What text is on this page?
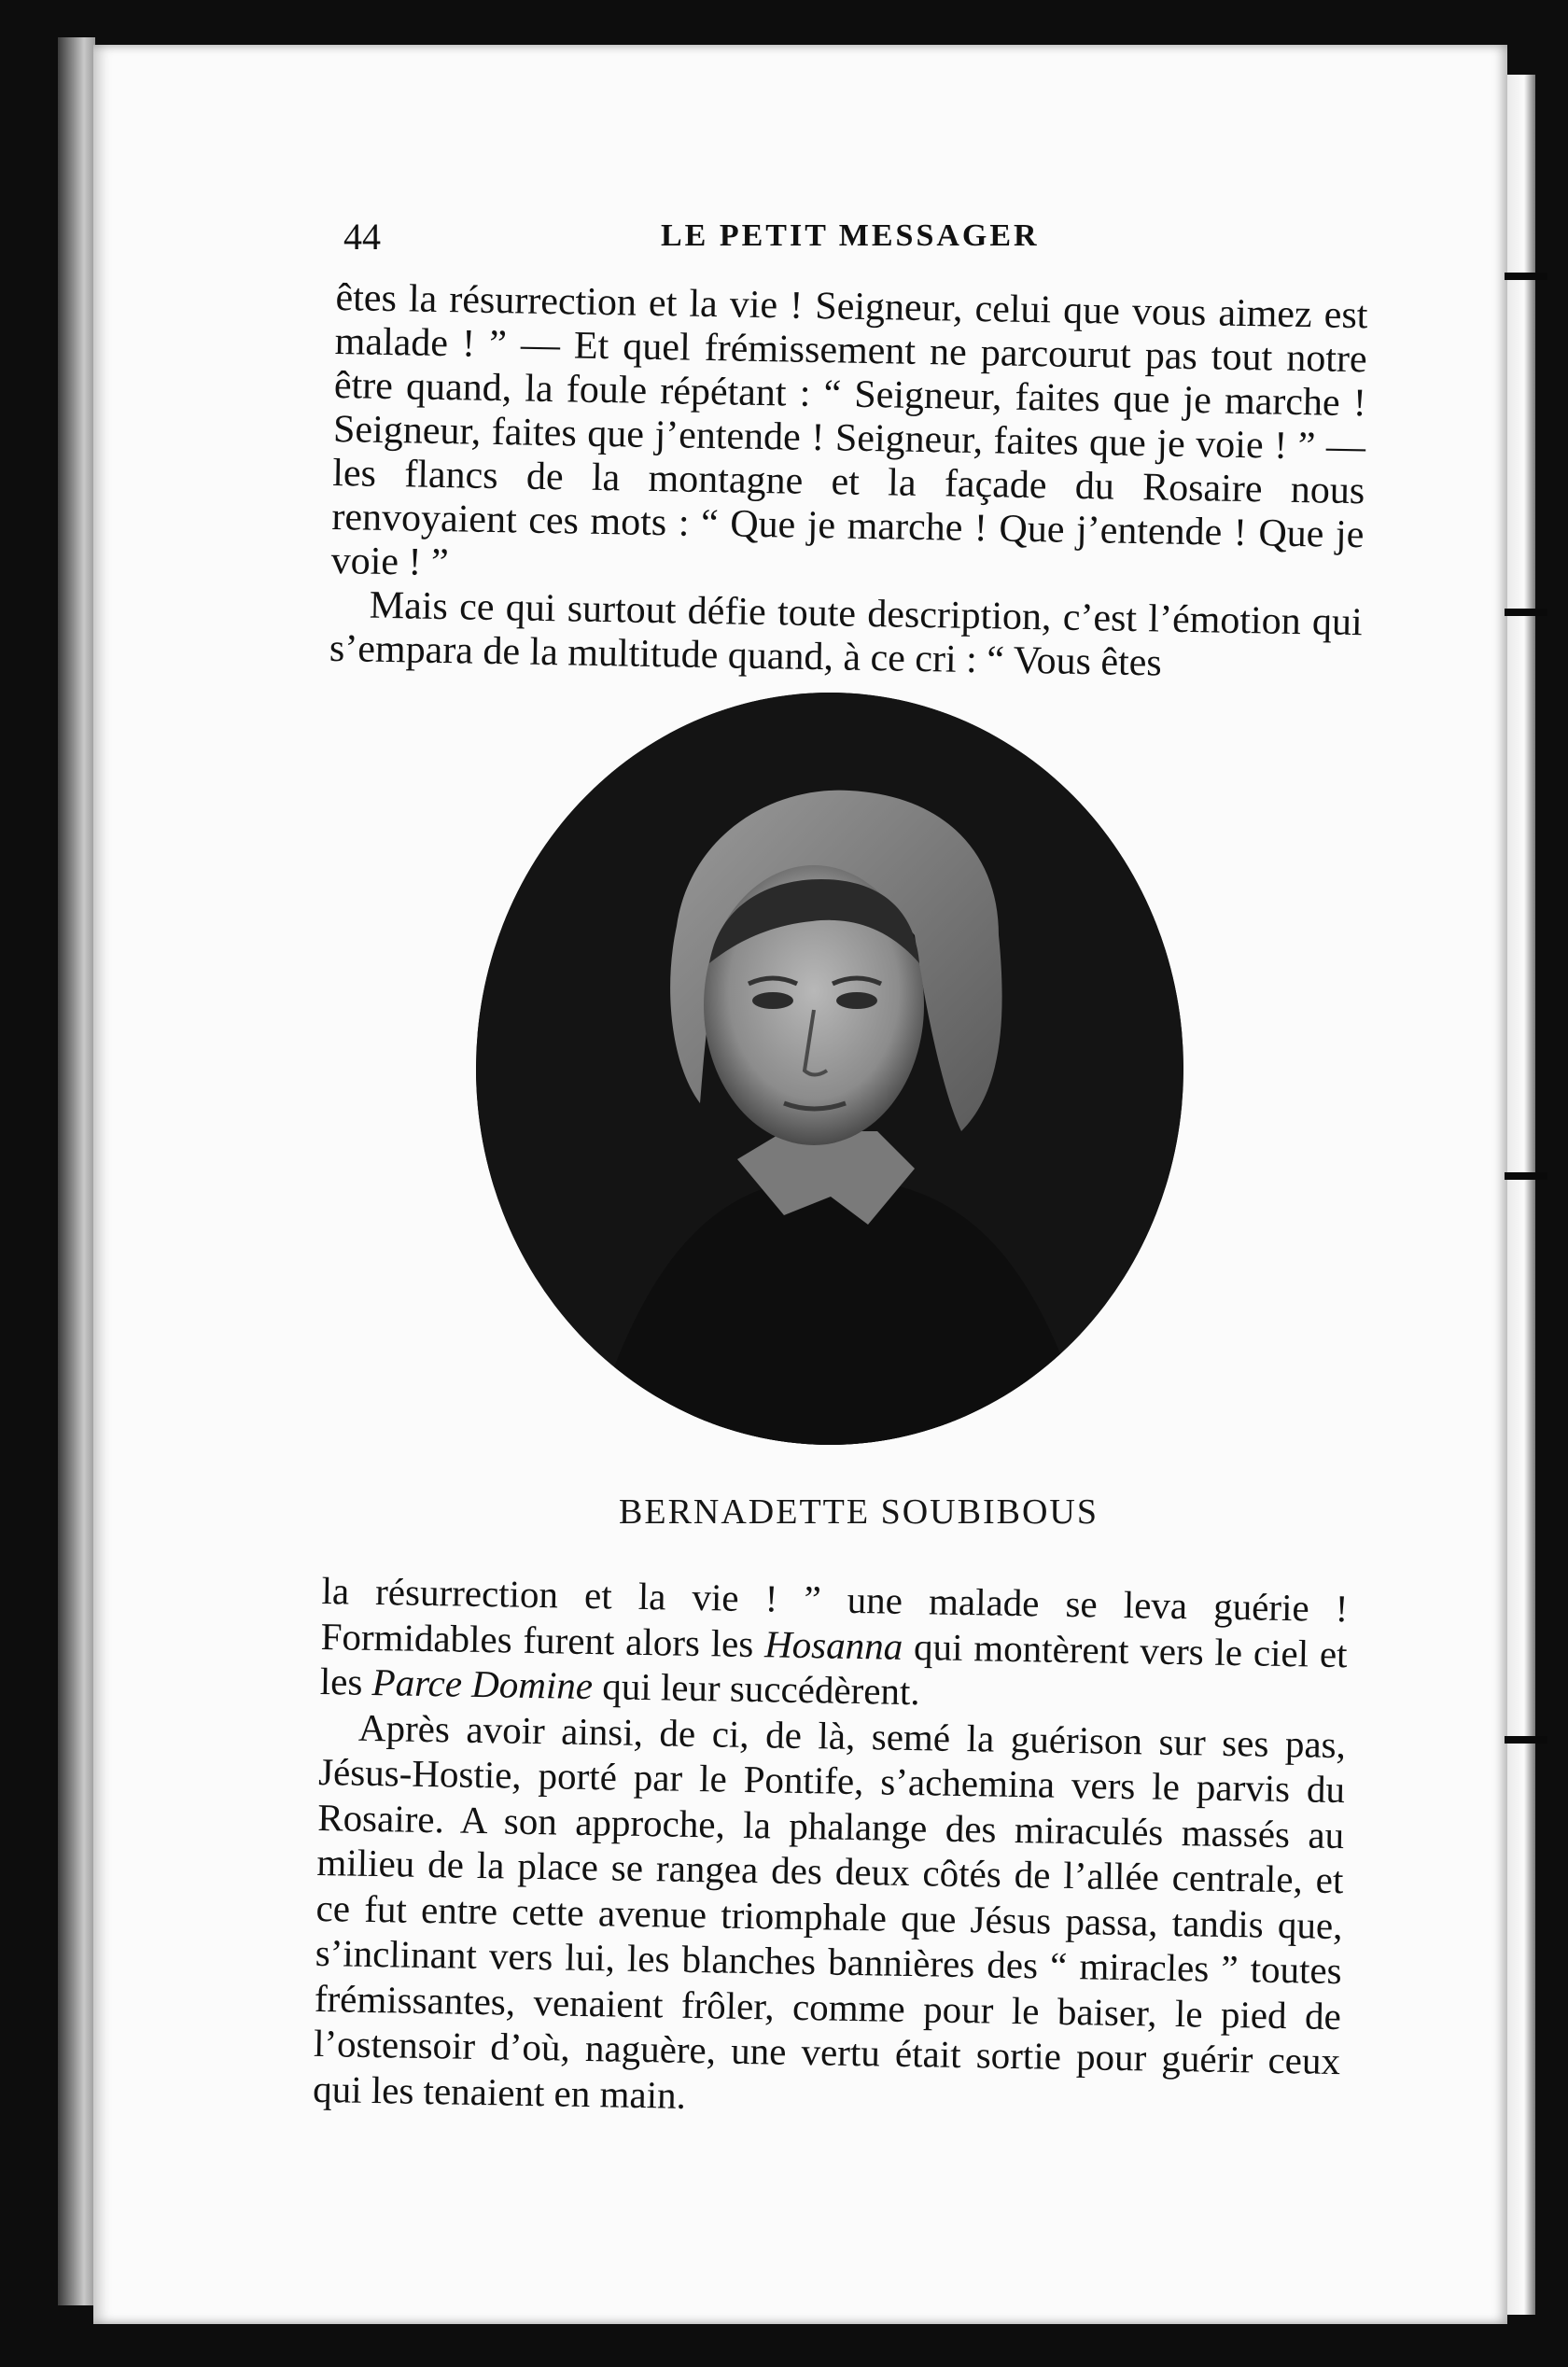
44	LE PETIT MESSAGER

êtes la résurrection et la vie ! Seigneur, celui que vous aimez est malade ! ” — Et quel frémissement ne parcourut pas tout notre être quand, la foule répétant : “ Seigneur, faites que je marche ! Seigneur, faites que j’entende ! Seigneur, faites que je voie ! ” — les flancs de la montagne et la façade du Rosaire nous renvoyaient ces mots : “ Que je marche ! Que j’entende ! Que je voie ! ”

Mais ce qui surtout défie toute description, c’est l’émotion qui s’empara de la multitude quand, à ce cri : “ Vous êtes

BERNADETTE SOUBIBOUS

la résurrection et la vie ! ” une malade se leva guérie ! Formidables furent alors les Hosanna qui montèrent vers le ciel et les Parce Domine qui leur succédèrent.

Après avoir ainsi, de ci, de là, semé la guérison sur ses pas, Jésus-Hostie, porté par le Pontife, s’achemina vers le parvis du Rosaire. A son approche, la phalange des miraculés massés au milieu de la place se rangea des deux côtés de l’allée centrale, et ce fut entre cette avenue triomphale que Jésus passa, tandis que, s’inclinant vers lui, les blanches bannières des “ miracles ” toutes frémissantes, venaient frôler, comme pour le baiser, le pied de l’ostensoir d’où, naguère, une vertu était sortie pour guérir ceux qui les tenaient en main.
